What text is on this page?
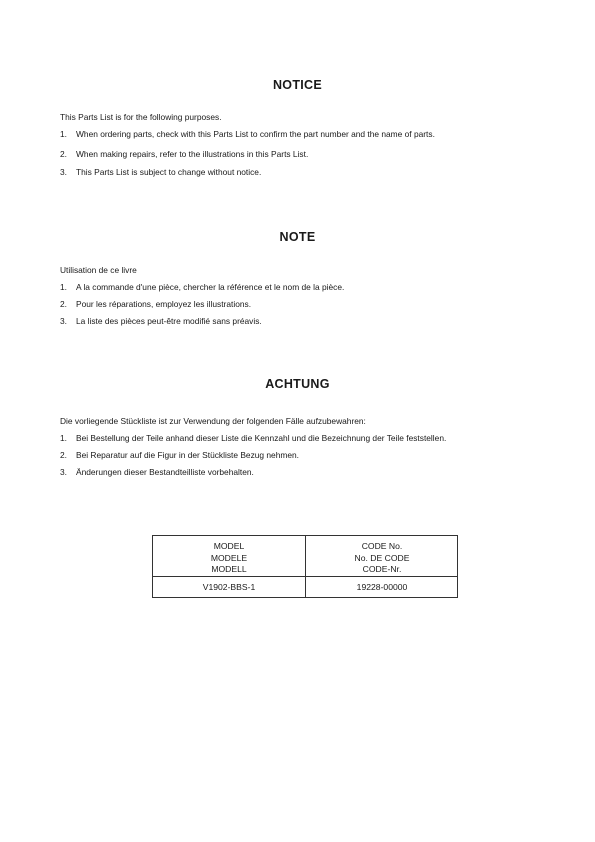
NOTICE
This Parts List is for the following purposes.
1. When ordering parts, check with this Parts List to confirm the part number and the name of parts.
2. When making repairs, refer to the illustrations in this Parts List.
3. This Parts List is subject to change without notice.
NOTE
Utilisation de ce livre
1. A la commande d'une pièce, chercher la référence et le nom de la pièce.
2. Pour les réparations, employez les illustrations.
3. La liste des pièces peut-être modifié sans préavis.
ACHTUNG
Die vorliegende Stückliste ist zur Verwendung der folgenden Fälle aufzubewahren:
1. Bei Bestellung der Teile anhand dieser Liste die Kennzahl und die Bezeichnung der Teile feststellen.
2. Bei Reparatur auf die Figur in der Stückliste Bezug nehmen.
3. Änderungen dieser Bestandteilliste vorbehalten.
MODEL
MODELE
MODELL
CODE No.
No. DE CODE
CODE-Nr.
V1902-BBS-1	19228-00000
